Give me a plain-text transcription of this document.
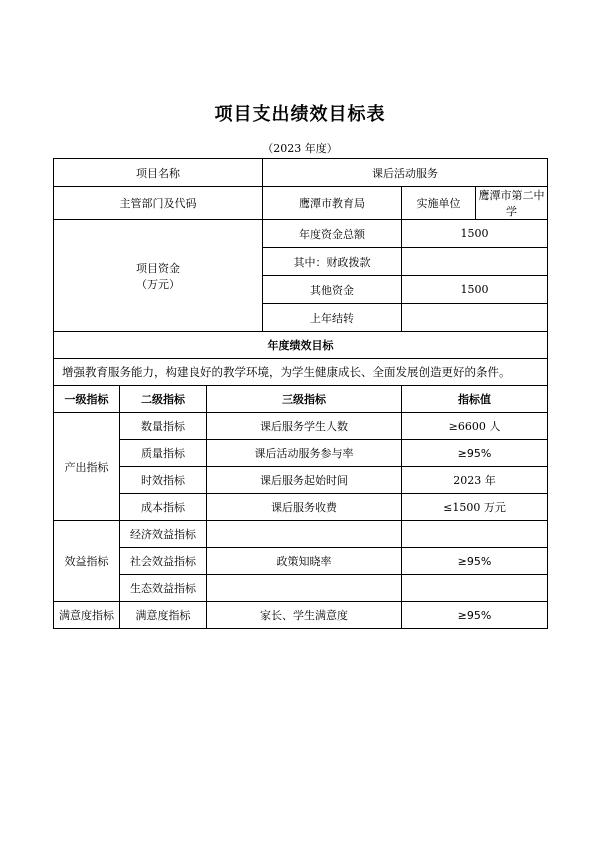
项目支出绩效目标表
（2023 年度）
项目名称			课后活动服务		
主管部门及代码			鹰潭市教育局	实施单位	鹰潭市第二中学

项目资金
（万元）			年度资金总额	1500	
			其中：财政拨款		
			其他资金	1500	
			上年结转		
年度绩效目标					
增强教育服务能力，构建良好的教学环境，为学生健康成长、全面发展创造更好的条件。					
一级指标	二级指标	三级指标		指标值	
产出指标	数量指标	课后服务学生人数		≥6600 人	
	质量指标	课后活动服务参与率		≥95%	
	时效指标	课后服务起始时间		2023 年	
	成本指标	课后服务收费		≤1500 万元	
效益指标	经济效益指标				
	社会效益指标	政策知晓率		≥95%	
	生态效益指标				
满意度指标	满意度指标	家长、学生满意度		≥95%	
